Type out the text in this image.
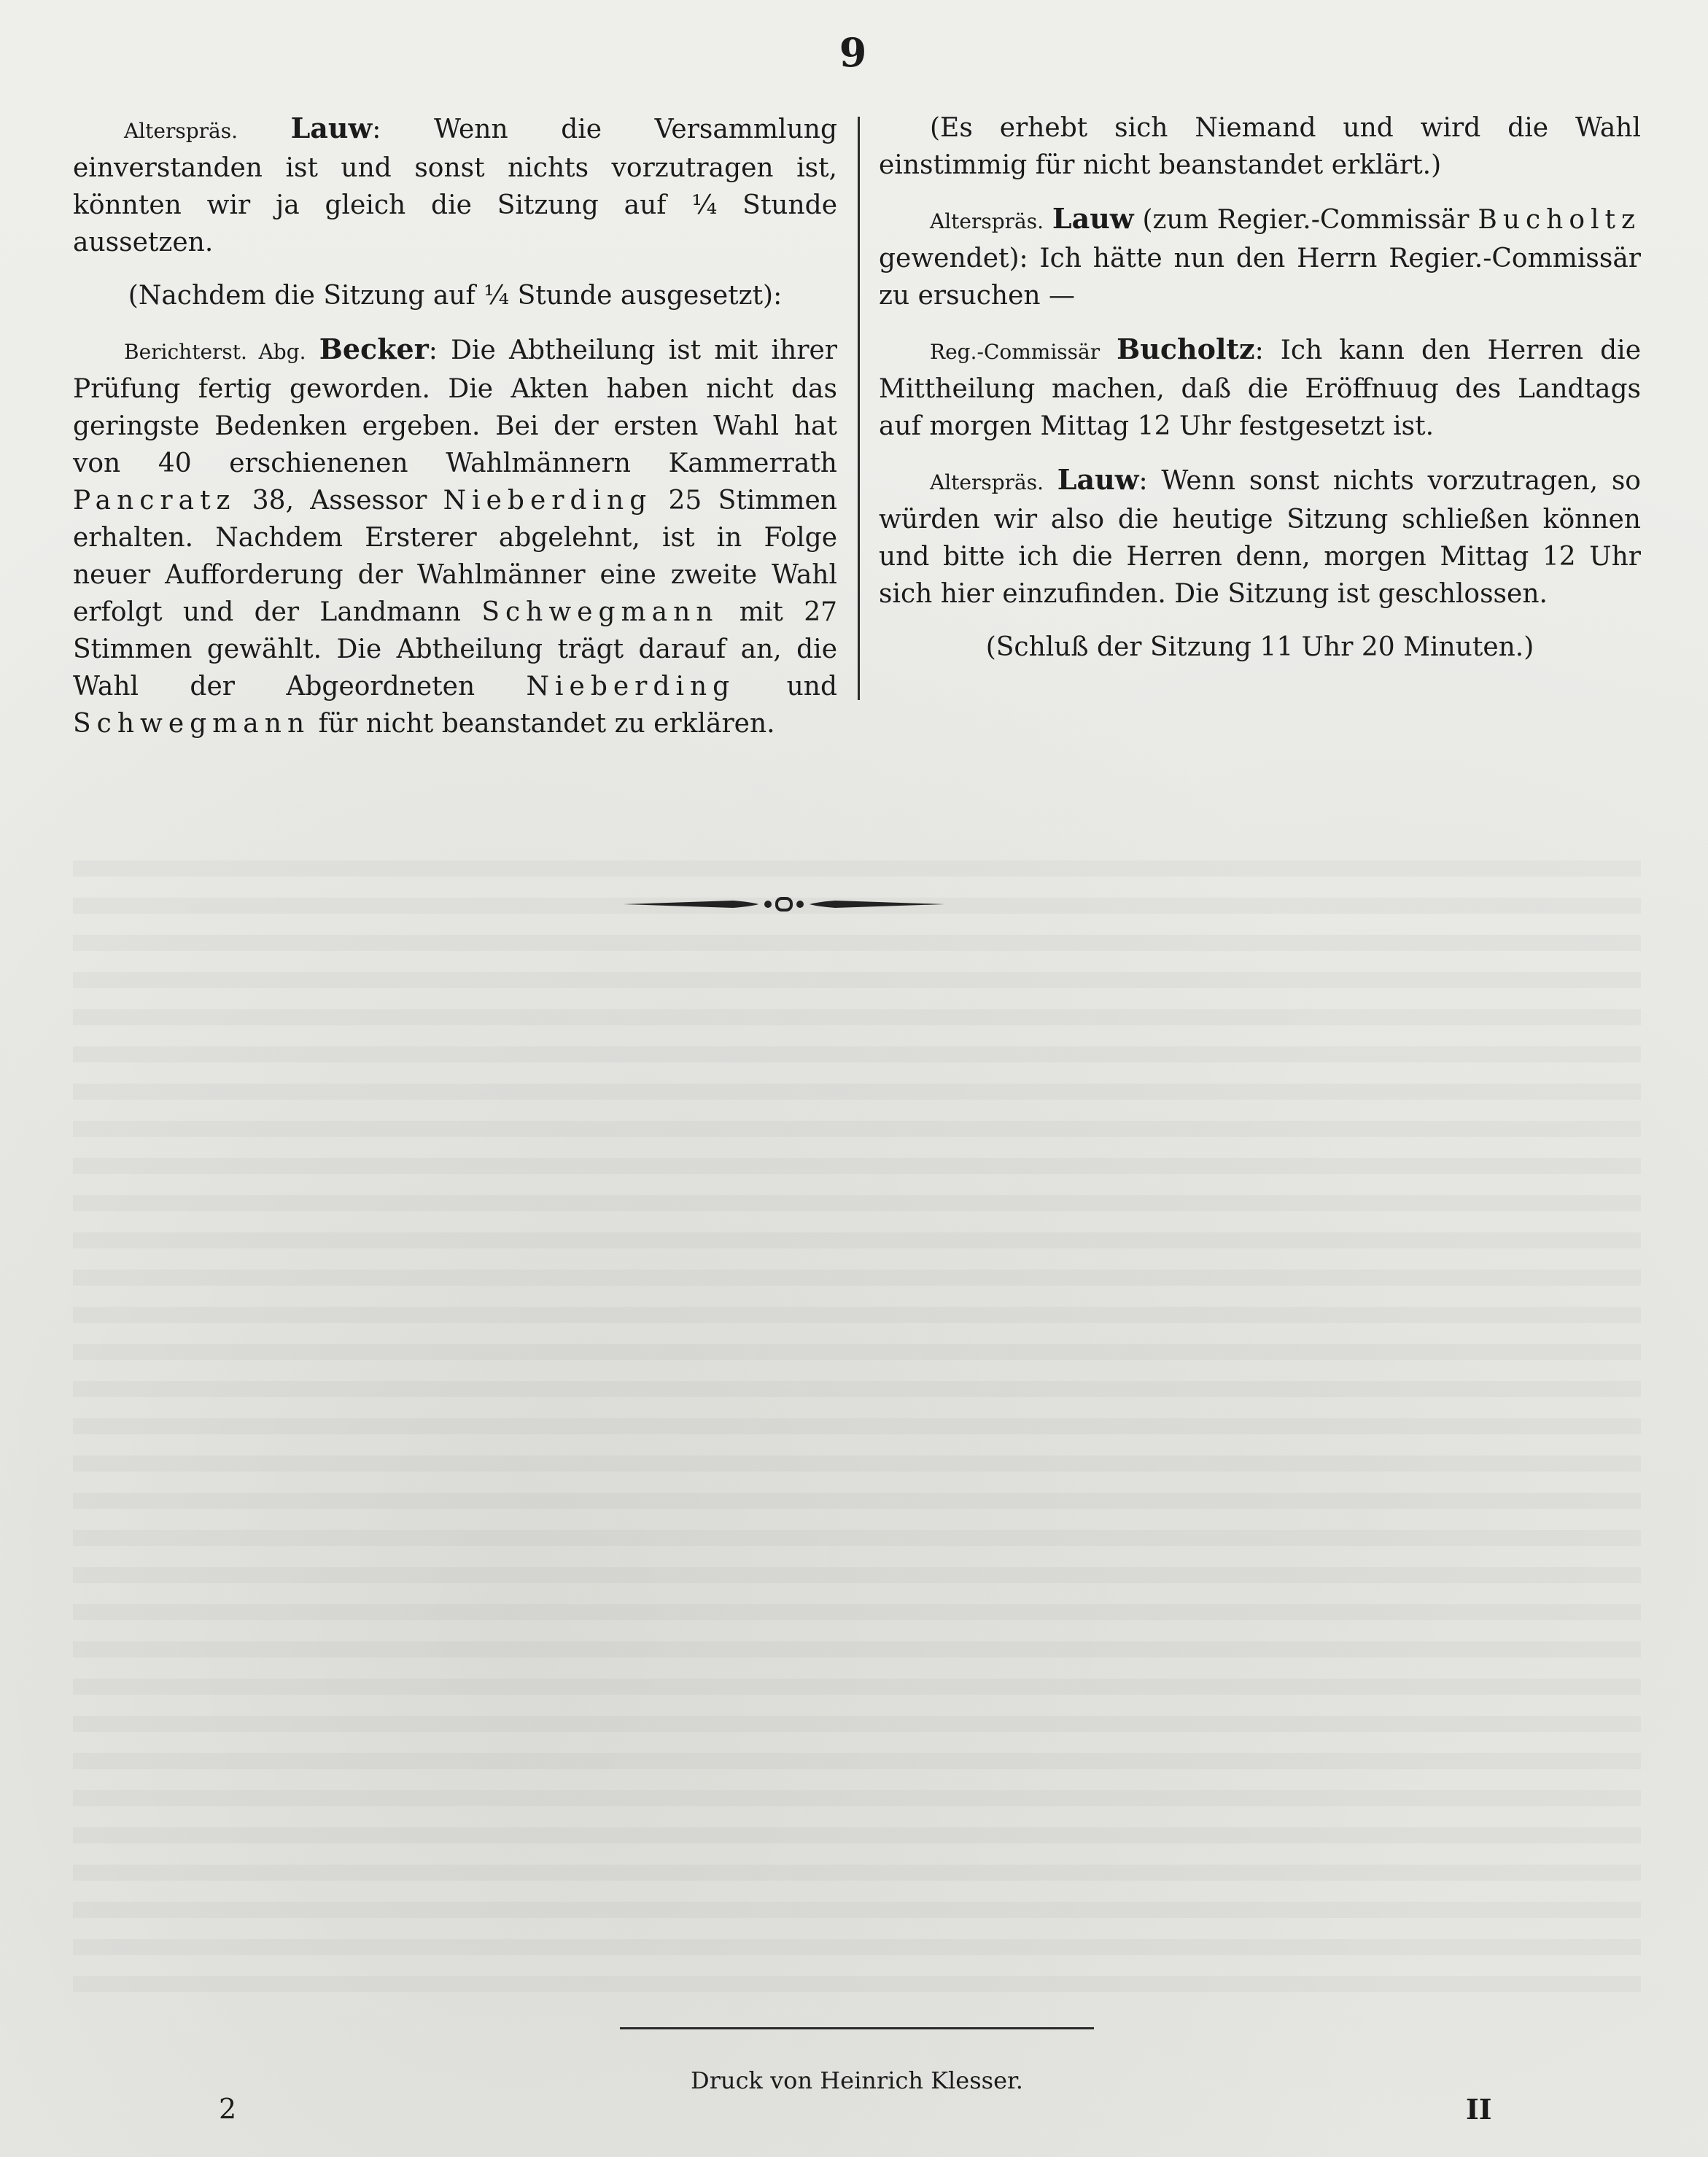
9

Alterspräs. Lauw: Wenn die Versammlung einverstanden ist und sonst nichts vorzutragen ist, könnten wir ja gleich die Sitzung auf ¼ Stunde aussetzen.

(Nachdem die Sitzung auf ¼ Stunde ausgesetzt):

Berichterst. Abg. Becker: Die Abtheilung ist mit ihrer Prüfung fertig geworden. Die Akten haben nicht das geringste Bedenken ergeben. Bei der ersten Wahl hat von 40 erschienenen Wahlmännern Kammerrath Pancratz 38, Assessor Nieberding 25 Stimmen erhalten. Nachdem Ersterer abgelehnt, ist in Folge neuer Aufforderung der Wahlmänner eine zweite Wahl erfolgt und der Landmann Schwegmann mit 27 Stimmen gewählt. Die Abtheilung trägt darauf an, die Wahl der Abgeordneten Nieberding und Schwegmann für nicht beanstandet zu erklären.

(Es erhebt sich Niemand und wird die Wahl einstimmig für nicht beanstandet erklärt.)

Alterspräs. Lauw (zum Regier.-Commissär Bucholtz gewendet): Ich hätte nun den Herrn Regier.-Commissär zu ersuchen —

Reg.-Commissär Bucholtz: Ich kann den Herren die Mittheilung machen, daß die Eröffnuug des Landtags auf morgen Mittag 12 Uhr festgesetzt ist.

Alterspräs. Lauw: Wenn sonst nichts vorzutragen, so würden wir also die heutige Sitzung schließen können und bitte ich die Herren denn, morgen Mittag 12 Uhr sich hier einzufinden. Die Sitzung ist geschlossen.

(Schluß der Sitzung 11 Uhr 20 Minuten.)

Druck von Heinrich Klesser.
2	II
